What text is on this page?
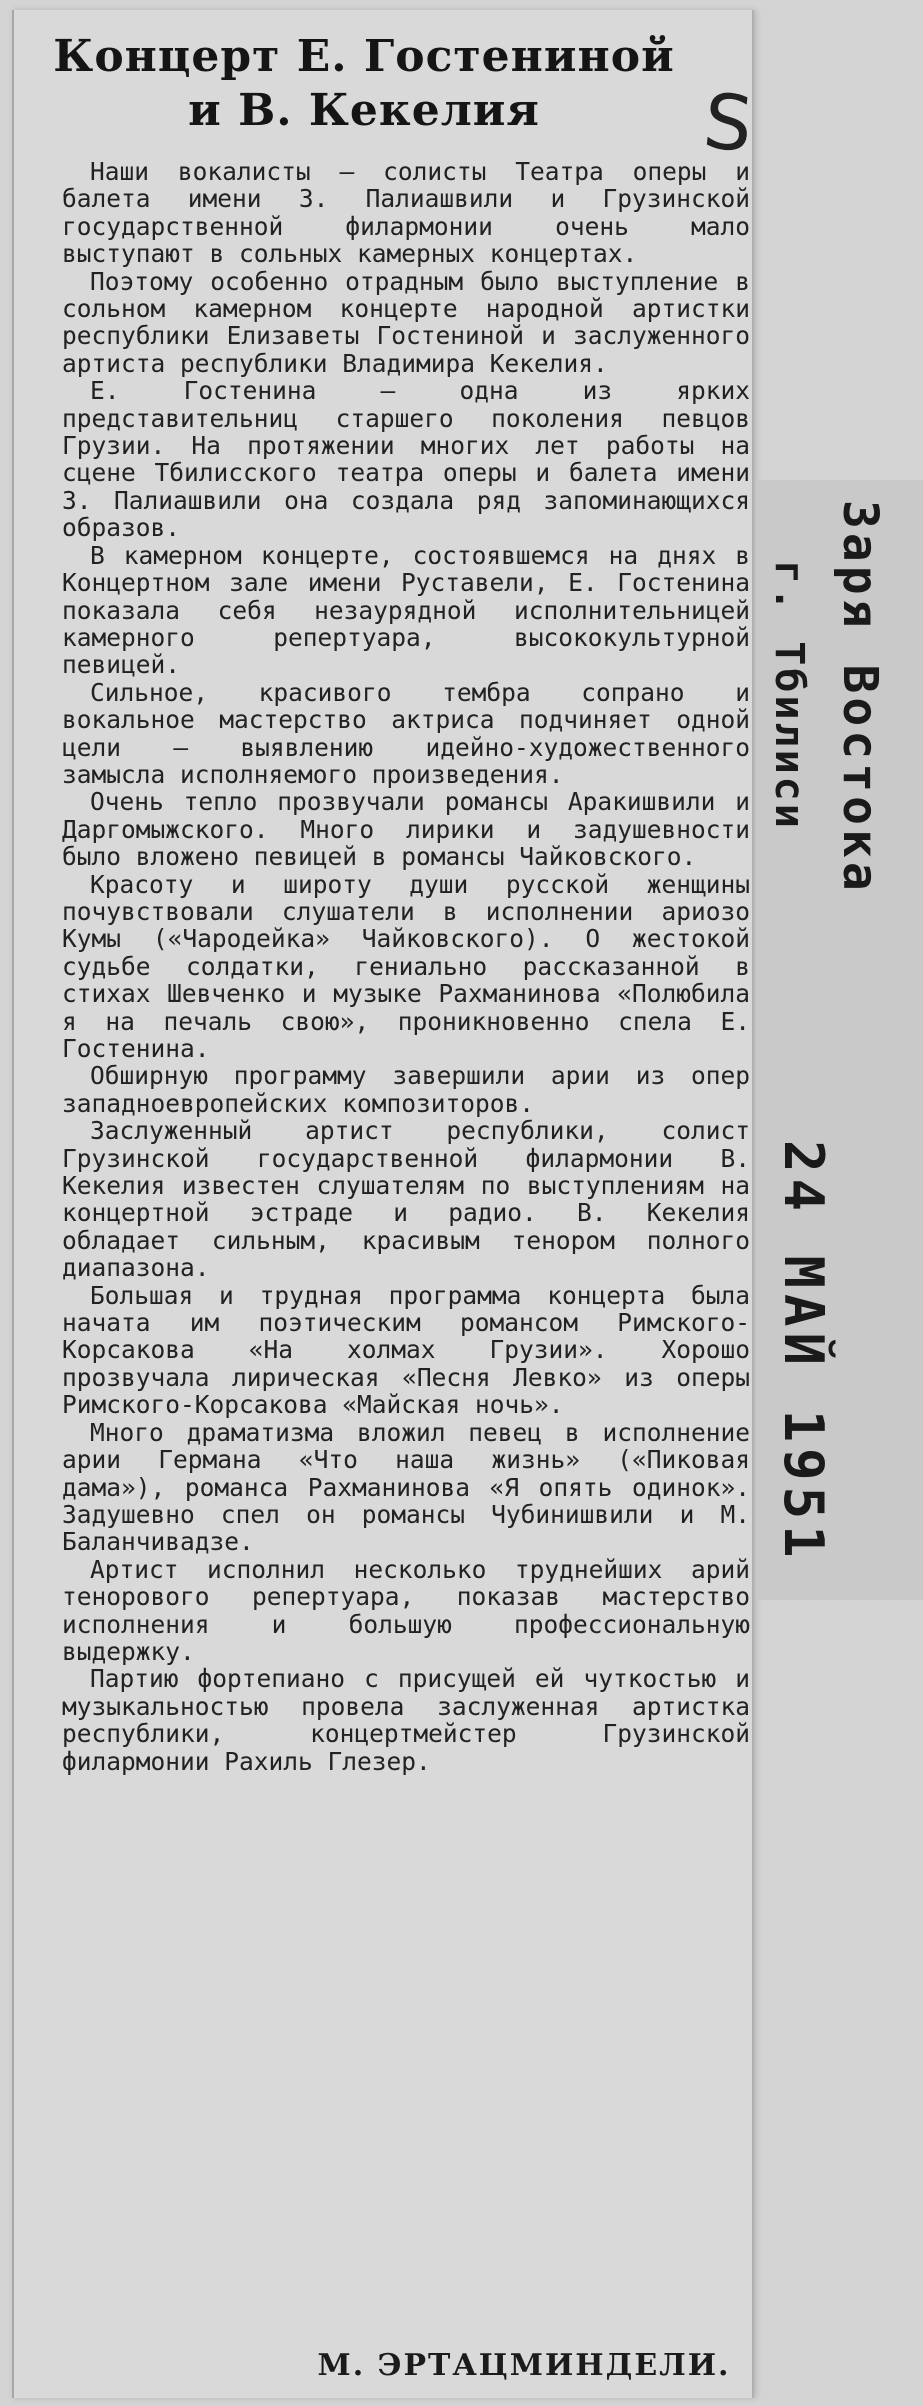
Концерт Е. Гостениной
и В. Кекелия	S

Наши вокалисты — солисты Театра оперы и балета имени З. Палиашвили и Грузинской государственной филармонии очень мало выступают в сольных камерных концертах.

Поэтому особенно отрадным было выступление в сольном камерном концерте народной артистки республики Елизаветы Гостениной и заслуженного артиста республики Владимира Кекелия.

Е. Гостенина — одна из ярких представительниц старшего поколения певцов Грузии. На протяжении многих лет работы на сцене Тбилисского театра оперы и балета имени З. Палиашвили она создала ряд запоминающихся образов.

В камерном концерте, состоявшемся на днях в Концертном зале имени Руставели, Е. Гостенина показала себя незаурядной исполнительницей камерного репертуара, высококультурной певицей.

Сильное, красивого тембра сопрано и вокальное мастерство актриса подчиняет одной цели — выявлению идейно-художественного замысла исполняемого произведения.

Очень тепло прозвучали романсы Аракишвили и Даргомыжского. Много лирики и задушевности было вложено певицей в романсы Чайковского.

Красоту и широту души русской женщины почувствовали слушатели в исполнении ариозо Кумы («Чародейка» Чайковского). О жестокой судьбе солдатки, гениально рассказанной в стихах Шевченко и музыке Рахманинова «Полюбила я на печаль свою», проникновенно спела Е. Гостенина.

Обширную программу завершили арии из опер западноевропейских композиторов.

Заслуженный артист республики, солист Грузинской государственной филармонии В. Кекелия известен слушателям по выступлениям на концертной эстраде и радио. В. Кекелия обладает сильным, красивым тенором полного диапазона.

Большая и трудная программа концерта была начата им поэтическим романсом Римского-Корсакова «На холмах Грузии». Хорошо прозвучала лирическая «Песня Левко» из оперы Римского-Корсакова «Майская ночь».

Много драматизма вложил певец в исполнение арии Германа «Что наша жизнь» («Пиковая дама»), романса Рахманинова «Я опять одинок». Задушевно спел он романсы Чубинишвили и М. Баланчивадзе.

Артист исполнил несколько труднейших арий тенорового репертуара, показав мастерство исполнения и большую профессиональную выдержку.

Партию фортепиано с присущей ей чуткостью и музыкальностью провела заслуженная артистка республики, концертмейстер Грузинской филармонии Рахиль Глезер.

М. ЭРТАЦМИНДЕЛИ.
Заря Востока
г. Тбилиси
24 МАЙ 1951
